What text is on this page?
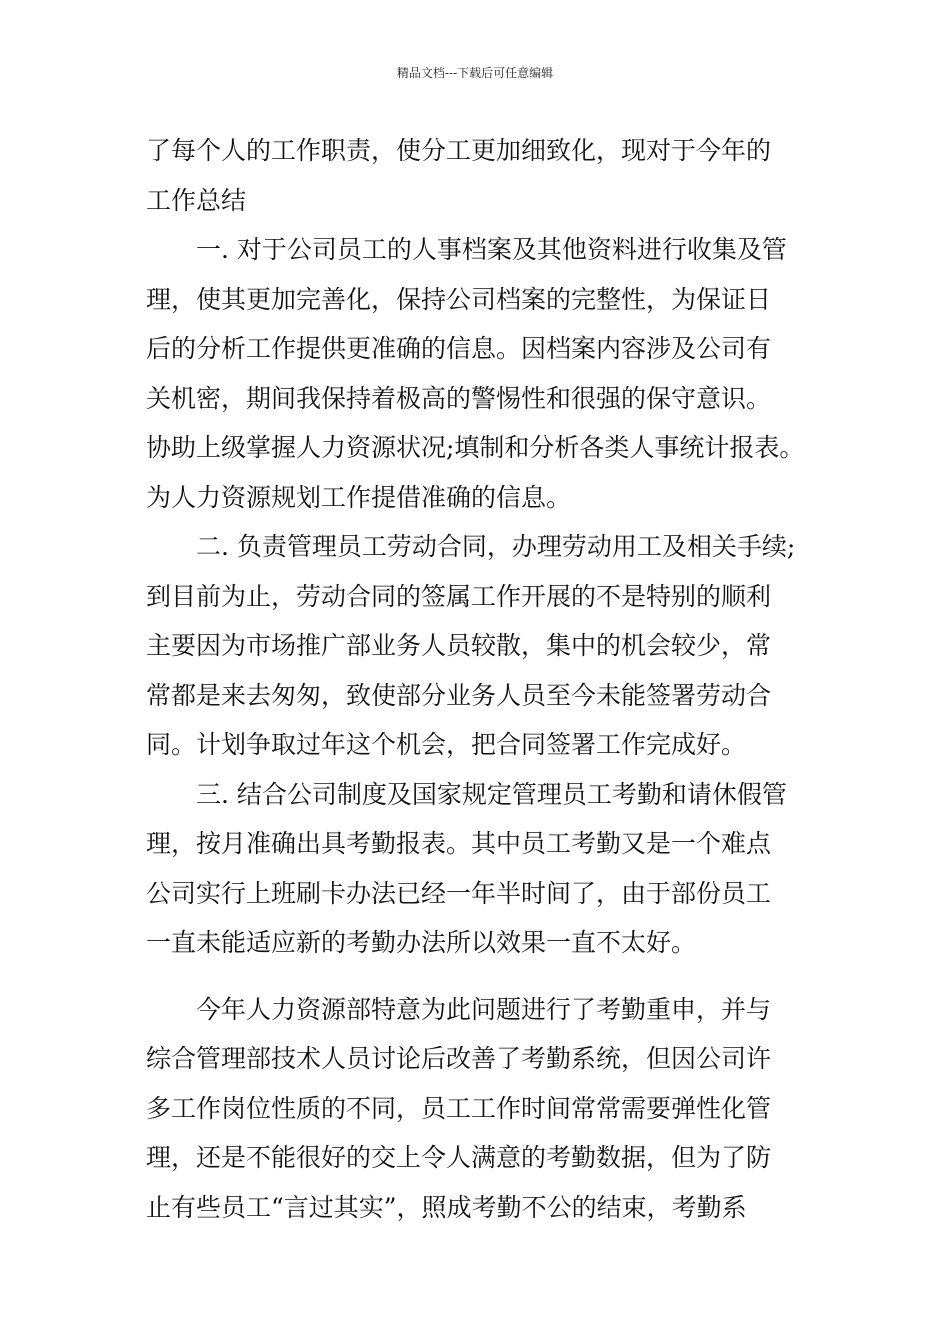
精品文档---下载后可任意编辑
了每个人的工作职责，使分工更加细致化，现对于今年的
工作总结
一. 对于公司员工的人事档案及其他资料进行收集及管
理，使其更加完善化，保持公司档案的完整性，为保证日
后的分析工作提供更准确的信息。因档案内容涉及公司有
关机密，期间我保持着极高的警惕性和很强的保守意识。
协助上级掌握人力资源状况;填制和分析各类人事统计报表。
为人力资源规划工作提借准确的信息。
二. 负责管理员工劳动合同，办理劳动用工及相关手续;
到目前为止，劳动合同的签属工作开展的不是特别的顺利
主要因为市场推广部业务人员较散，集中的机会较少，常
常都是来去匆匆，致使部分业务人员至今未能签署劳动合
同。计划争取过年这个机会，把合同签署工作完成好。
三. 结合公司制度及国家规定管理员工考勤和请休假管
理，按月准确出具考勤报表。其中员工考勤又是一个难点
公司实行上班刷卡办法已经一年半时间了，由于部份员工
一直未能适应新的考勤办法所以效果一直不太好。
今年人力资源部特意为此问题进行了考勤重申，并与
综合管理部技术人员讨论后改善了考勤系统，但因公司许
多工作岗位性质的不同，员工工作时间常常需要弹性化管
理，还是不能很好的交上令人满意的考勤数据，但为了防
止有些员工“言过其实”，照成考勤不公的结束，考勤系
